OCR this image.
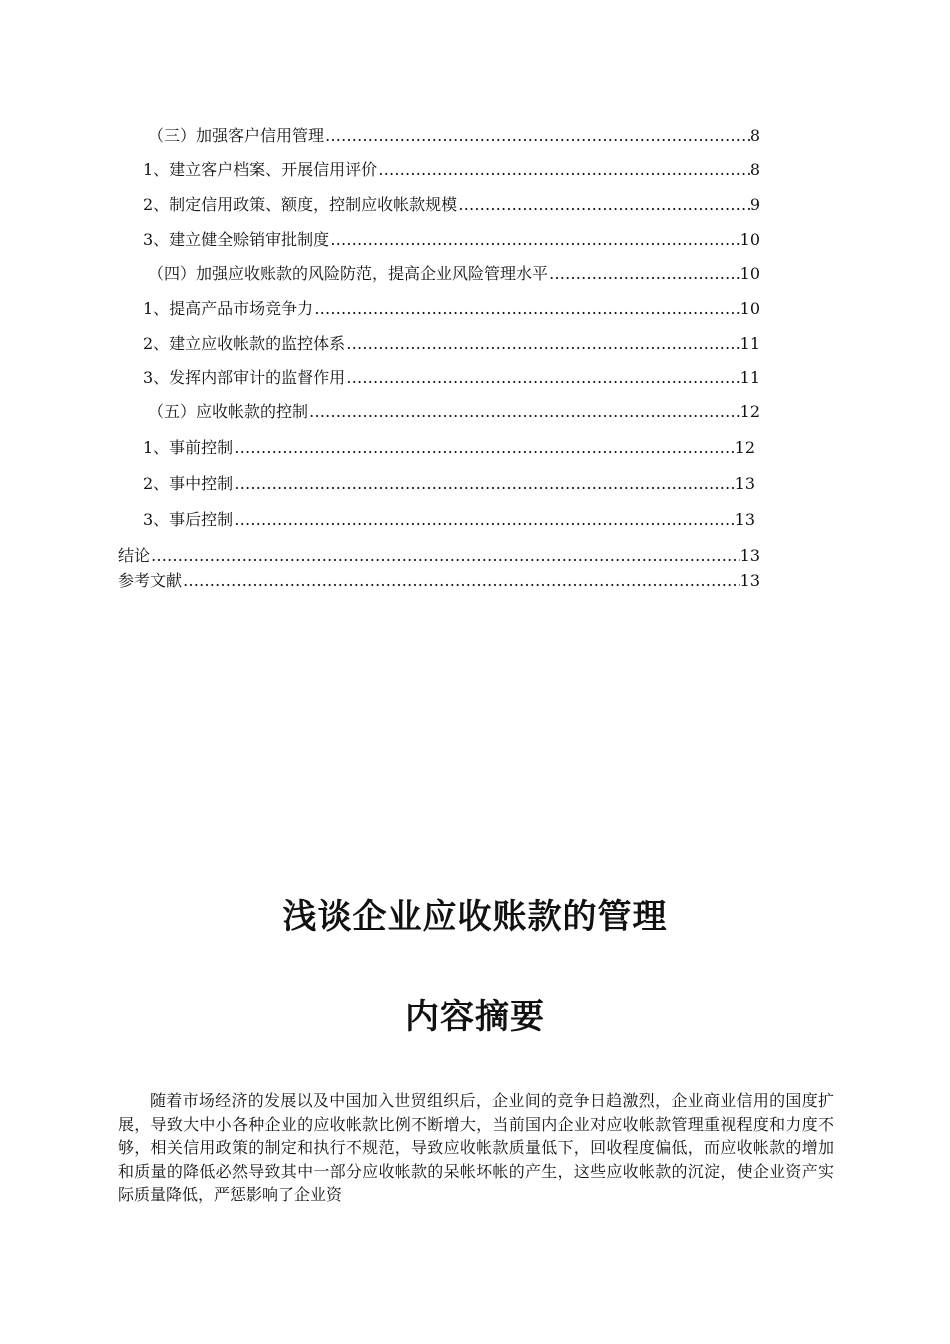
（三）加强客户信用管理 ………………………………………………………………………………………………………………………………………………………………………………………………………………………………	8
1、建立客户档案、开展信用评价 ………………………………………………………………………………………………………………………………………………………………………………………………………………………………	8
2、制定信用政策、额度，控制应收帐款规模 ………………………………………………………………………………………………………………………………………………………………………………………………………………………………	9
3、建立健全赊销审批制度 ………………………………………………………………………………………………………………………………………………………………………………………………………………………………	10
（四）加强应收账款的风险防范，提高企业风险管理水平 ………………………………………………………………………………………………………………………………………………………………………………………………………………………………	10
1、提高产品市场竞争力 ………………………………………………………………………………………………………………………………………………………………………………………………………………………………	10
2、建立应收帐款的监控体系 ………………………………………………………………………………………………………………………………………………………………………………………………………………………………	11
3、发挥内部审计的监督作用 ………………………………………………………………………………………………………………………………………………………………………………………………………………………………	11
（五）应收帐款的控制 ………………………………………………………………………………………………………………………………………………………………………………………………………………………………	12
1、事前控制 ………………………………………………………………………………………………………………………………………………………………………………………………………………………………	12
2、事中控制 ………………………………………………………………………………………………………………………………………………………………………………………………………………………………	13
3、事后控制 ………………………………………………………………………………………………………………………………………………………………………………………………………………………………	13
结论 ………………………………………………………………………………………………………………………………………………………………………………………………………………………………	13
参考文献 ………………………………………………………………………………………………………………………………………………………………………………………………………………………………	13
浅谈企业应收账款的管理
内容摘要
随着市场经济的发展以及中国加入世贸组织后，企业间的竞争日趋激烈，企业商业信用的国度扩展，导致大中小各种企业的应收帐款比例不断增大，当前国内企业对应收帐款管理重视程度和力度不够，相关信用政策的制定和执行不规范，导致应收帐款质量低下，回收程度偏低，而应收帐款的增加和质量的降低必然导致其中一部分应收帐款的呆帐坏帐的产生，这些应收帐款的沉淀，使企业资产实际质量降低，严惩影响了企业资
